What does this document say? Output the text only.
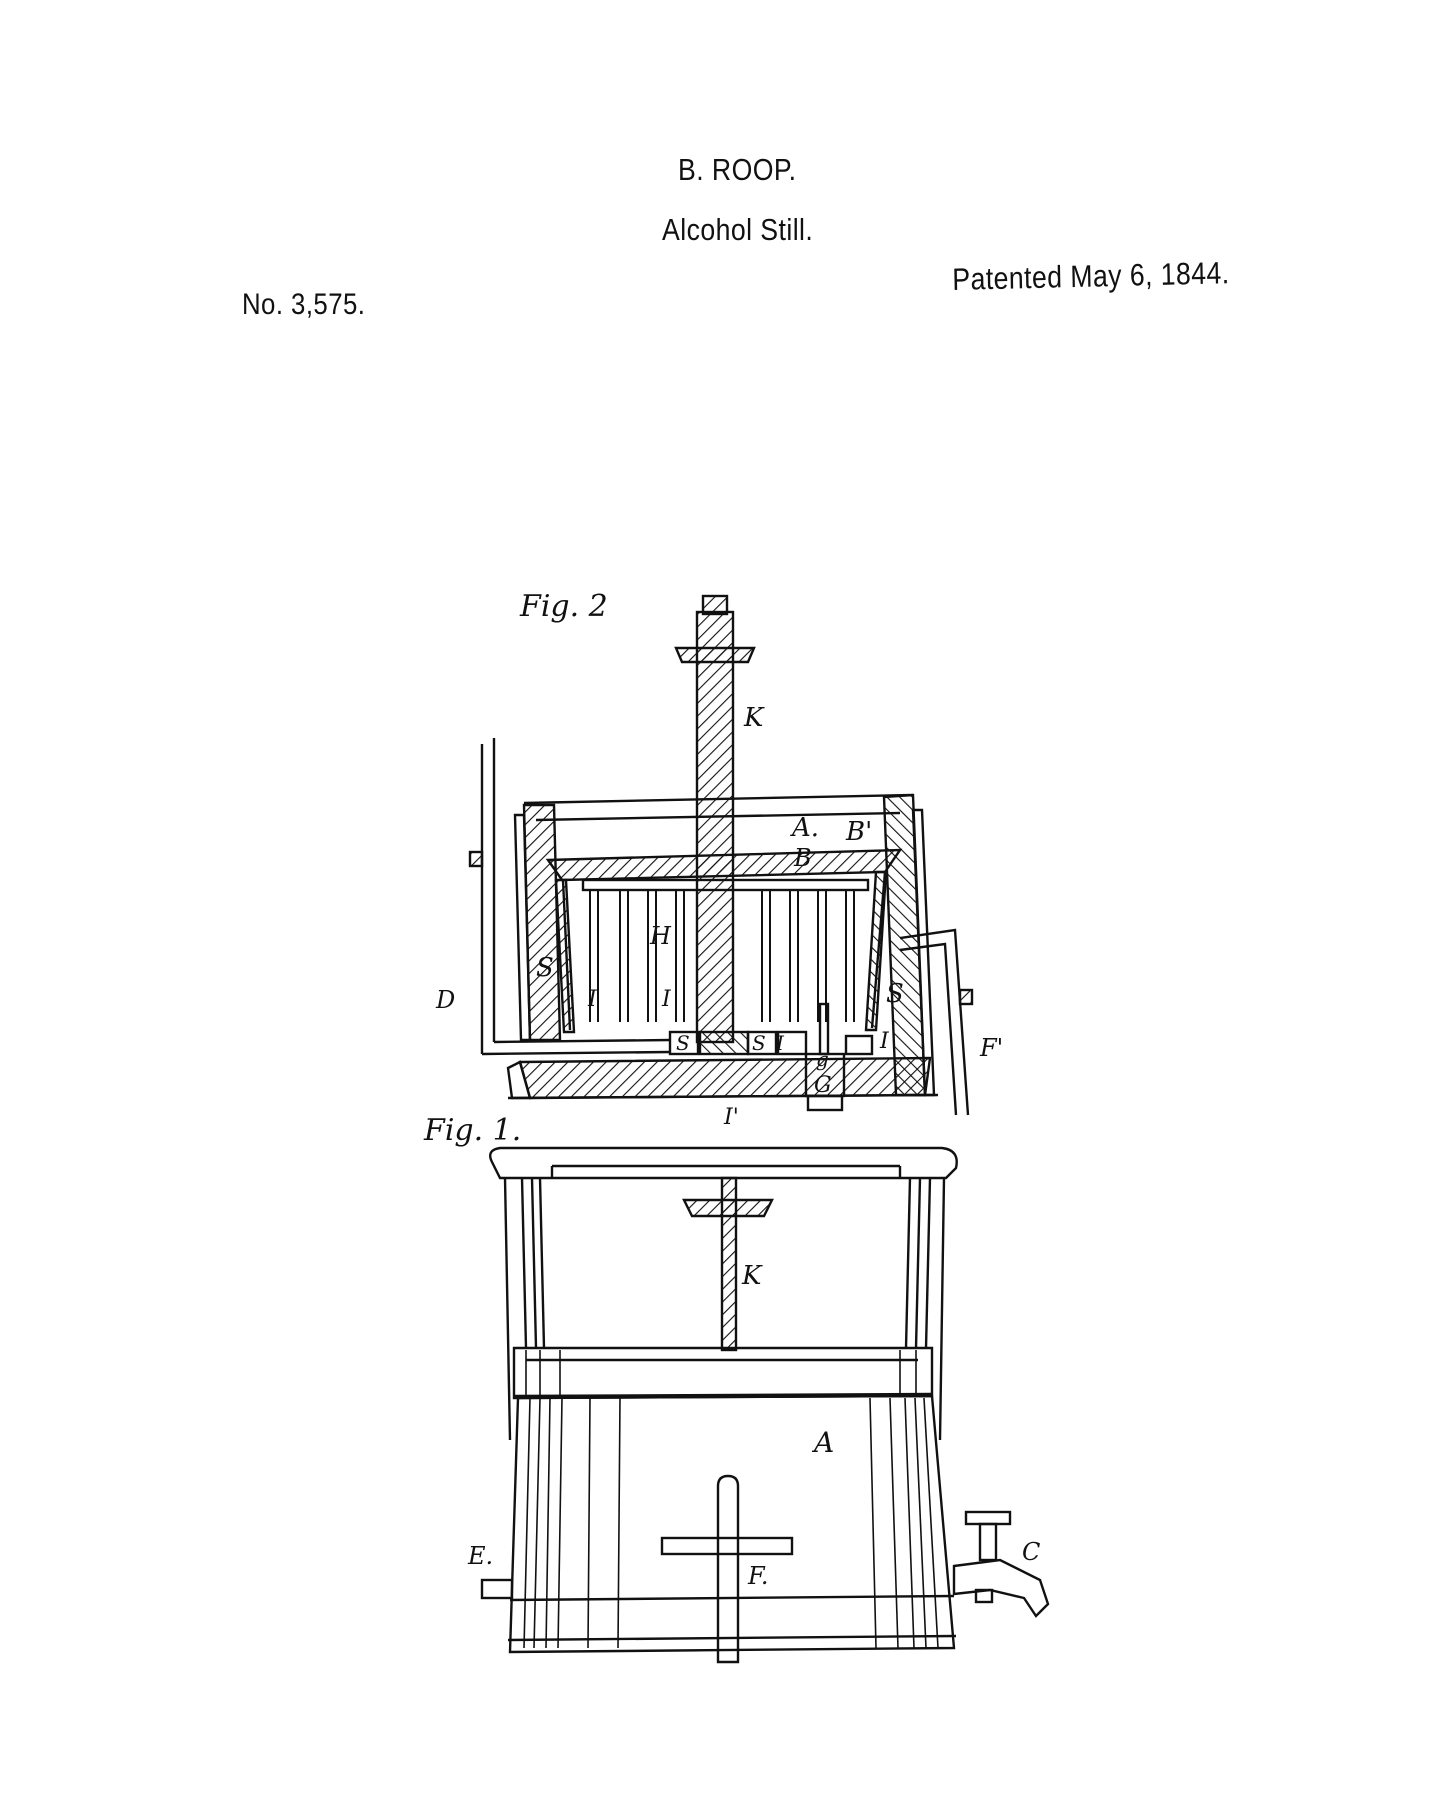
B. ROOP.
Alcohol Still.
No. 3,575.
Patented May 6, 1844.
Fig. 2
K
A. B'
B
H
S
S
D	I	I
I	I
S	S
g
G
I'
F'
Fig. 1.
K
A
E.
F.
C
